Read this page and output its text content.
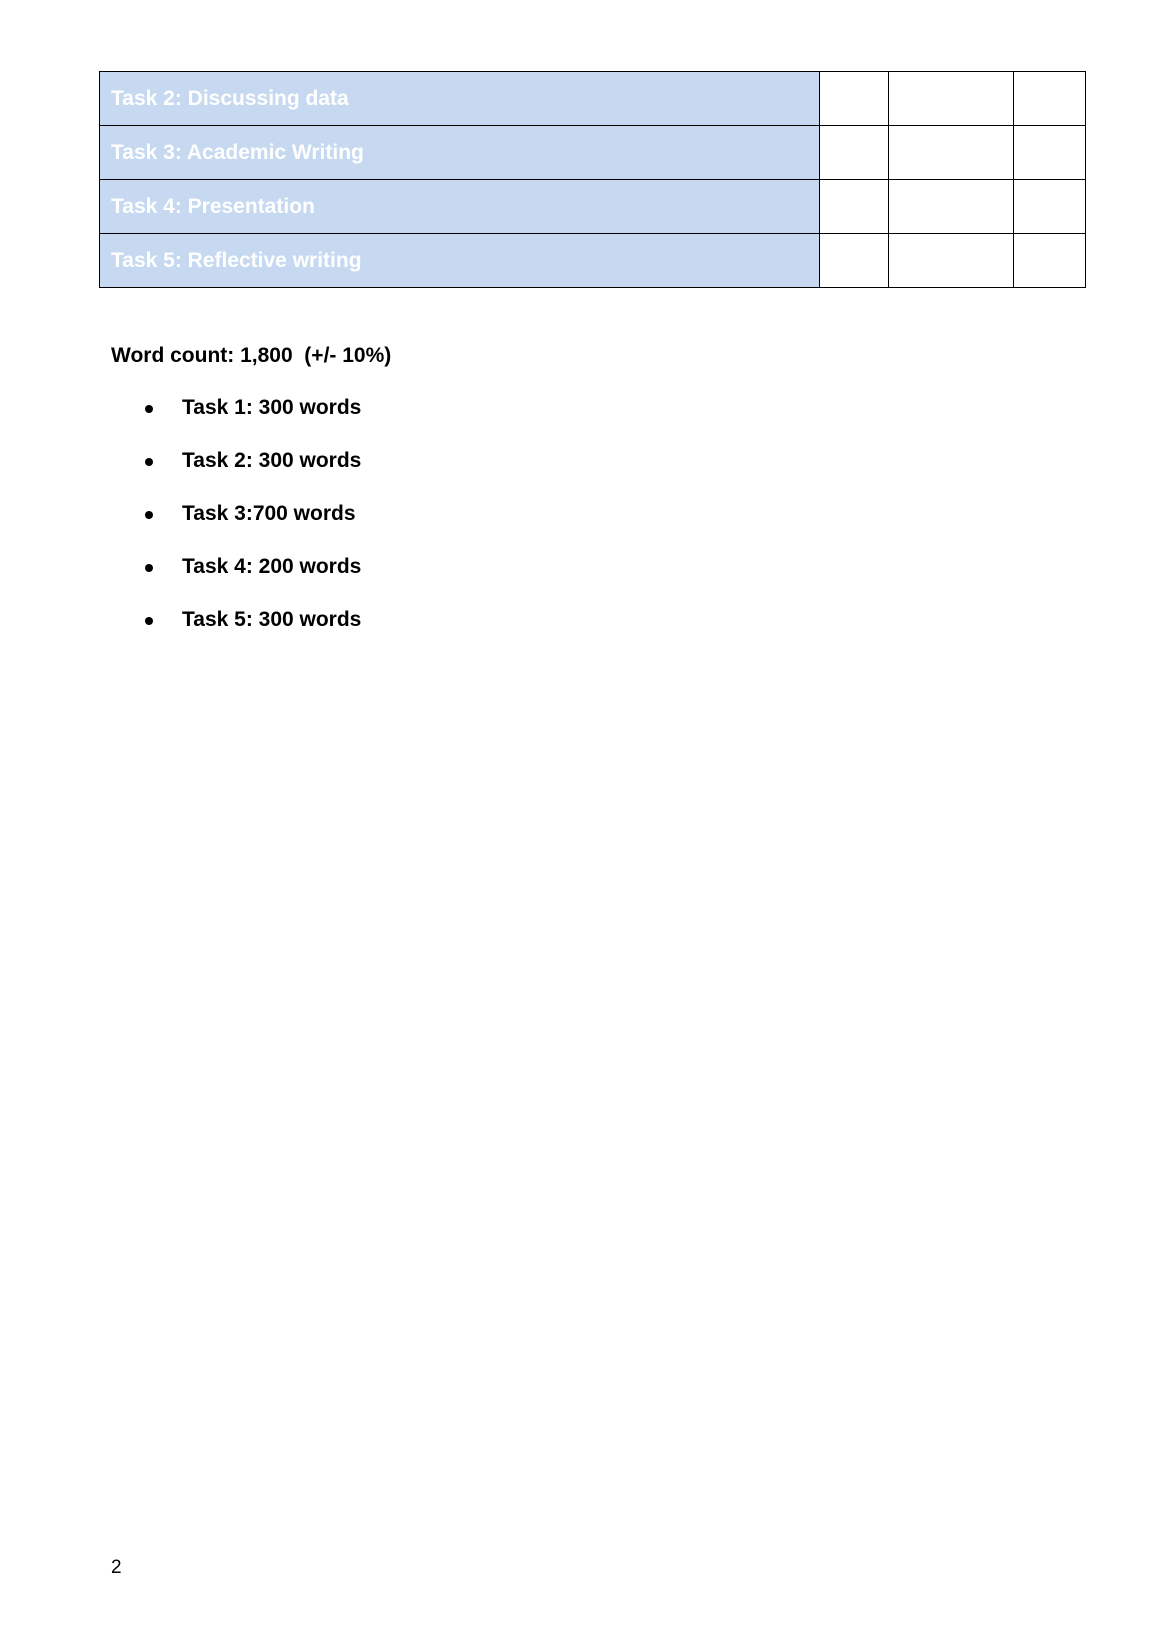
Task 2: Discussing data			
Task 3: Academic Writing			
Task 4: Presentation			
Task 5: Reflective writing			
Word count: 1,800  (+/- 10%)
Task 1: 300 words
Task 2: 300 words
Task 3:700 words
Task 4: 200 words
Task 5: 300 words
2
